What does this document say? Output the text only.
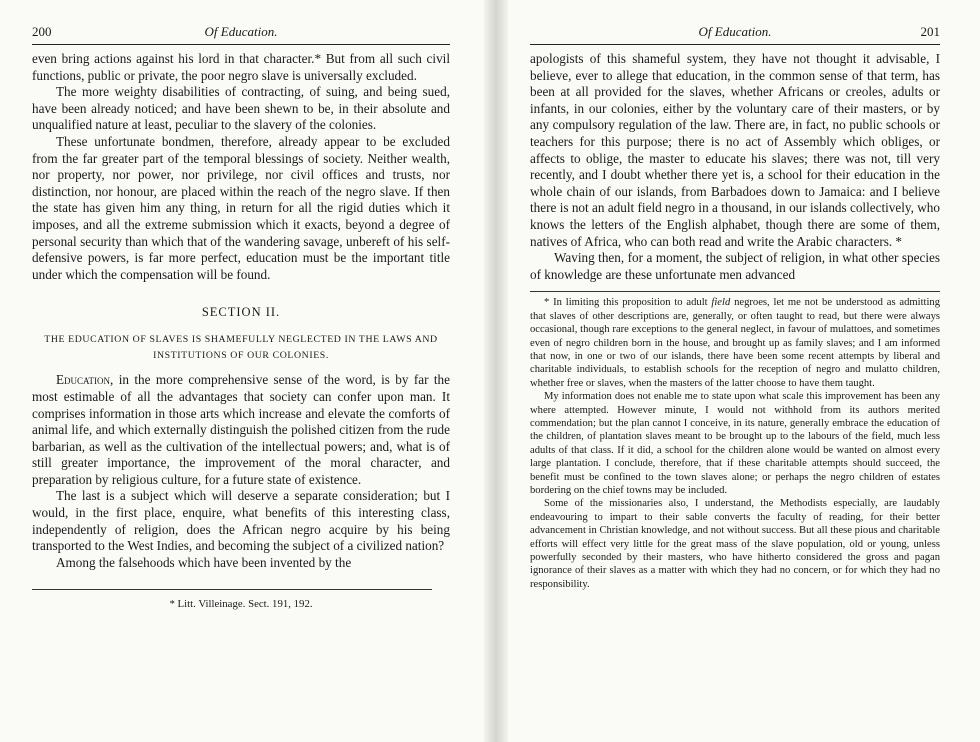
200	Of Education.

even bring actions against his lord in that character.* But from all such civil functions, public or private, the poor negro slave is universally excluded.

The more weighty disabilities of contracting, of suing, and being sued, have been already noticed; and have been shewn to be, in their absolute and unqualified nature at least, peculiar to the slavery of the colonies.

These unfortunate bondmen, therefore, already appear to be excluded from the far greater part of the temporal blessings of society. Neither wealth, nor property, nor power, nor privilege, nor civil offices and trusts, nor distinction, nor honour, are placed within the reach of the negro slave. If then the state has given him any thing, in return for all the rigid duties which it imposes, and all the extreme submission which it exacts, beyond a degree of personal security than which that of the wandering savage, unbereft of his self-defensive powers, is far more perfect, education must be the important title under which the compensation will be found.

SECTION II.
THE EDUCATION OF SLAVES IS SHAMEFULLY NEGLECTED IN THE LAWS AND INSTITUTIONS OF OUR COLONIES.

Education, in the more comprehensive sense of the word, is by far the most estimable of all the advantages that society can confer upon man. It comprises information in those arts which increase and elevate the comforts of animal life, and which externally distinguish the polished citizen from the rude barbarian, as well as the cultivation of the intellectual powers; and, what is of still greater importance, the improvement of the moral character, and preparation by religious culture, for a future state of existence.

The last is a subject which will deserve a separate consideration; but I would, in the first place, enquire, what benefits of this interesting class, independently of religion, does the African negro acquire by his being transported to the West Indies, and becoming the subject of a civilized nation?

Among the falsehoods which have been invented by the

* Litt. Villeinage. Sect. 191, 192.

Of Education.	201

apologists of this shameful system, they have not thought it advisable, I believe, ever to allege that education, in the common sense of that term, has been at all provided for the slaves, whether Africans or creoles, adults or infants, in our colonies, either by the voluntary care of their masters, or by any compulsory regulation of the law. There are, in fact, no public schools or teachers for this purpose; there is no act of Assembly which obliges, or affects to oblige, the master to educate his slaves; there was not, till very recently, and I doubt whether there yet is, a school for their education in the whole chain of our islands, from Barbadoes down to Jamaica: and I believe there is not an adult field negro in a thousand, in our islands collectively, who knows the letters of the English alphabet, though there are some of them, natives of Africa, who can both read and write the Arabic characters. *

Waving then, for a moment, the subject of religion, in what other species of knowledge are these unfortunate men advanced

* In limiting this proposition to adult field negroes, let me not be understood as admitting that slaves of other descriptions are, generally, or often taught to read, but there were always occasional, though rare exceptions to the general neglect, in favour of mulattoes, and sometimes even of negro children born in the house, and brought up as family slaves; and I am informed that now, in one or two of our islands, there have been some recent attempts by liberal and charitable individuals, to establish schools for the reception of negro and mulatto children, whether free or slaves, when the masters of the latter choose to have them taught.

My information does not enable me to state upon what scale this improvement has been any where attempted. However minute, I would not withhold from its authors merited commendation; but the plan cannot I conceive, in its nature, generally embrace the education of the children, of plantation slaves meant to be brought up to the labours of the field, much less adults of that class. If it did, a school for the children alone would be wanted on almost every large plantation. I conclude, therefore, that if these charitable attempts should succeed, the benefit must be confined to the town slaves alone; or perhaps the negro children of estates bordering on the chief towns may be included.

Some of the missionaries also, I understand, the Methodists especially, are laudably endeavouring to impart to their sable converts the faculty of reading, for their better advancement in Christian knowledge, and not without success. But all these pious and charitable efforts will effect very little for the great mass of the slave population, old or young, unless powerfully seconded by their masters, who have hitherto considered the gross and pagan ignorance of their slaves as a matter with which they had no concern, or for which they had no responsibility.
